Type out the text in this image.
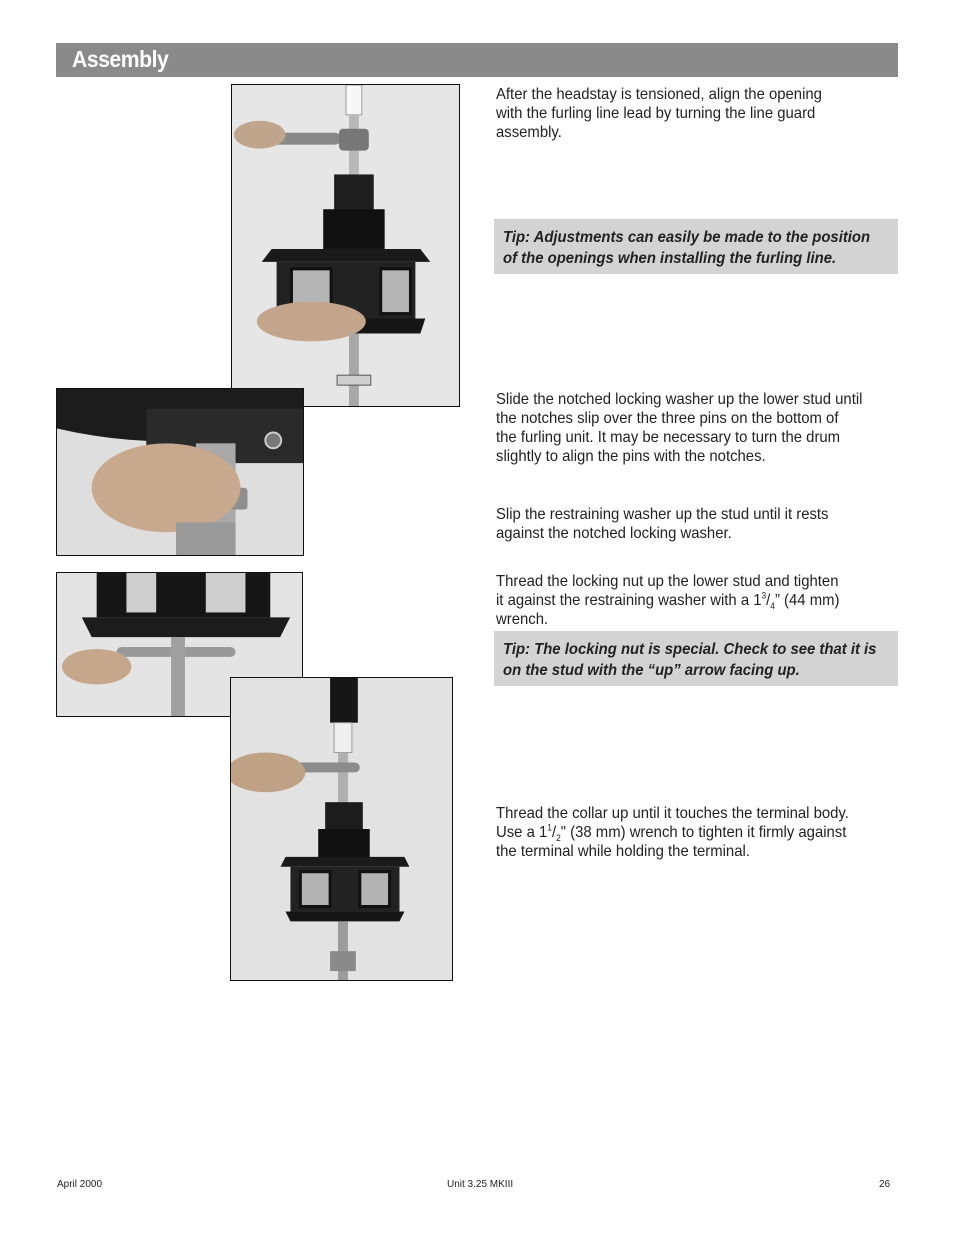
Assembly
After the headstay is tensioned, align the opening
with the furling line lead by turning the line guard
assembly.
Tip: Adjustments can easily be made to the position
of the openings when installing the furling line.
Slide the notched locking washer up the lower stud until
the notches slip over the three pins on the bottom of
the furling unit. It may be necessary to turn the drum
slightly to align the pins with the notches.
Slip the restraining washer up the stud until it rests
against the notched locking washer.
Thread the locking nut up the lower stud and tighten
it against the restraining washer with a $1^3/_4$” (44 mm)
wrench.
Tip: The locking nut is special. Check to see that it is
on the stud with the “up” arrow facing up.
Thread the collar up until it touches the terminal body.
Use a $1^1/_2$" (38 mm) wrench to tighten it firmly against
the terminal while holding the terminal.
April 2000	Unit 3.25 MKIII	26
